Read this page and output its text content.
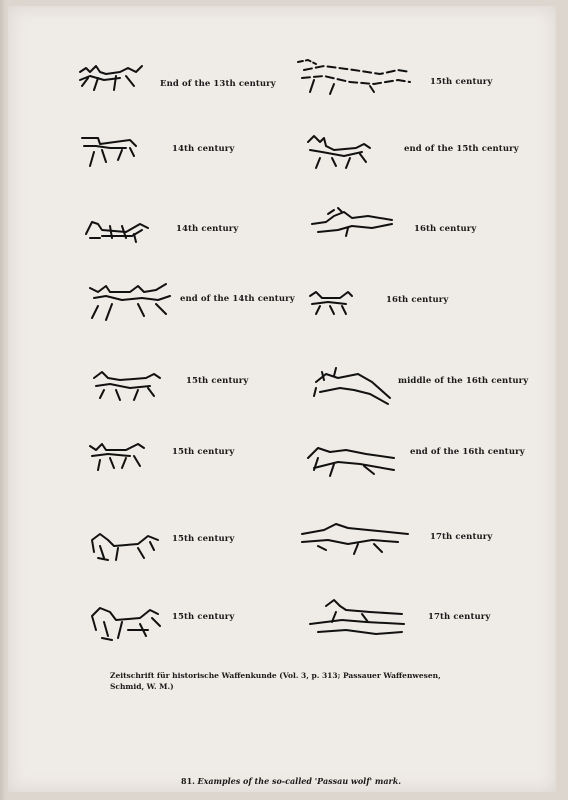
End of the 13th century
14th century
14th century
end of the 14th century
15th century
15th century
15th century
15th century
15th century
end of the 15th century
16th century
16th century
middle of the 16th century
end of the 16th century
17th century
17th century
Zeitschrift für historische Waffenkunde (Vol. 3, p. 313; Passauer Waffenwesen,
Schmid, W. M.)
81. Examples of the so-called 'Passau wolf' mark.
